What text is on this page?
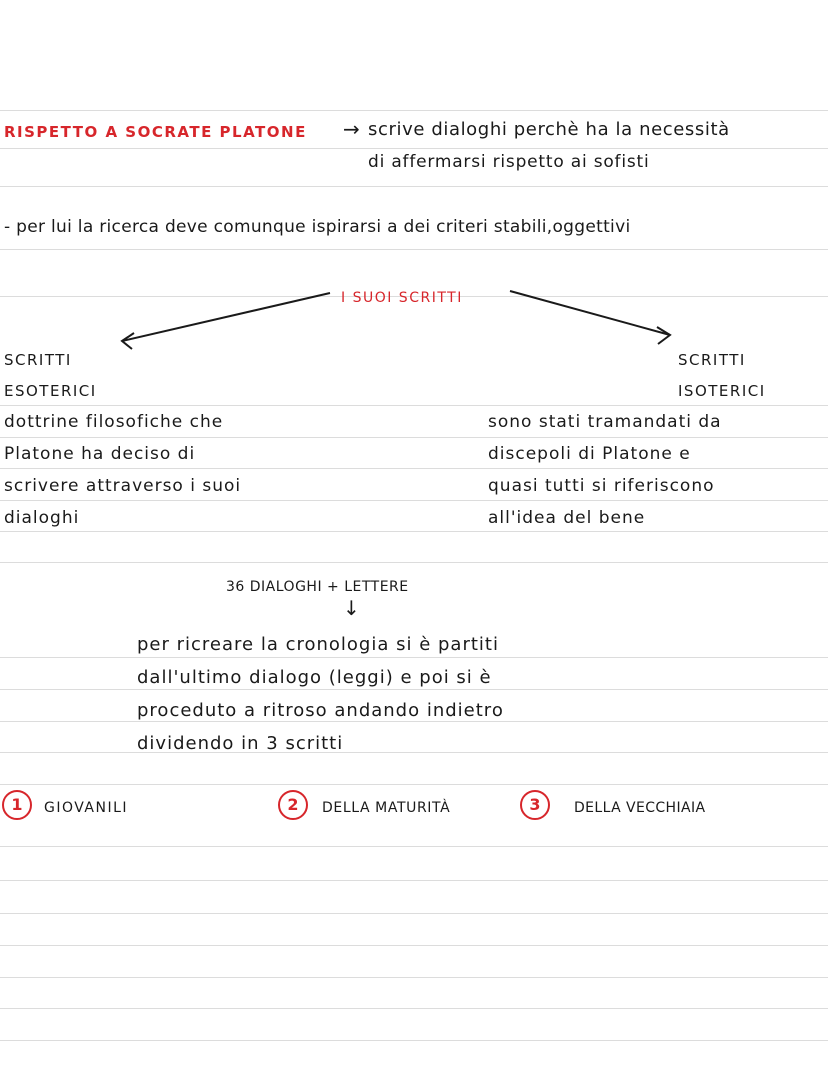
RISPETTO A SOCRATE PLATONE → scrive dialoghi perchè ha la necessità
di affermarsi rispetto ai sofisti
- per lui la ricerca deve comunque ispirarsi a dei criteri stabili,oggettivi
I SUOI SCRITTI
SCRITTI
ESOTERICI
dottrine filosofiche che
Platone ha deciso di
scrivere attraverso i suoi
dialoghi
SCRITTI
ISOTERICI
sono stati tramandati da
discepoli di Platone e
quasi tutti si riferiscono
all'idea del bene
36 DIALOGHI + LETTERE
↓
per ricreare la cronologia si è partiti
dall'ultimo dialogo (leggi) e poi si è
proceduto a ritroso andando indietro
dividendo in 3 scritti
1	GIOVANILI	2	DELLA MATURITÀ	3	DELLA VECCHIAIA
